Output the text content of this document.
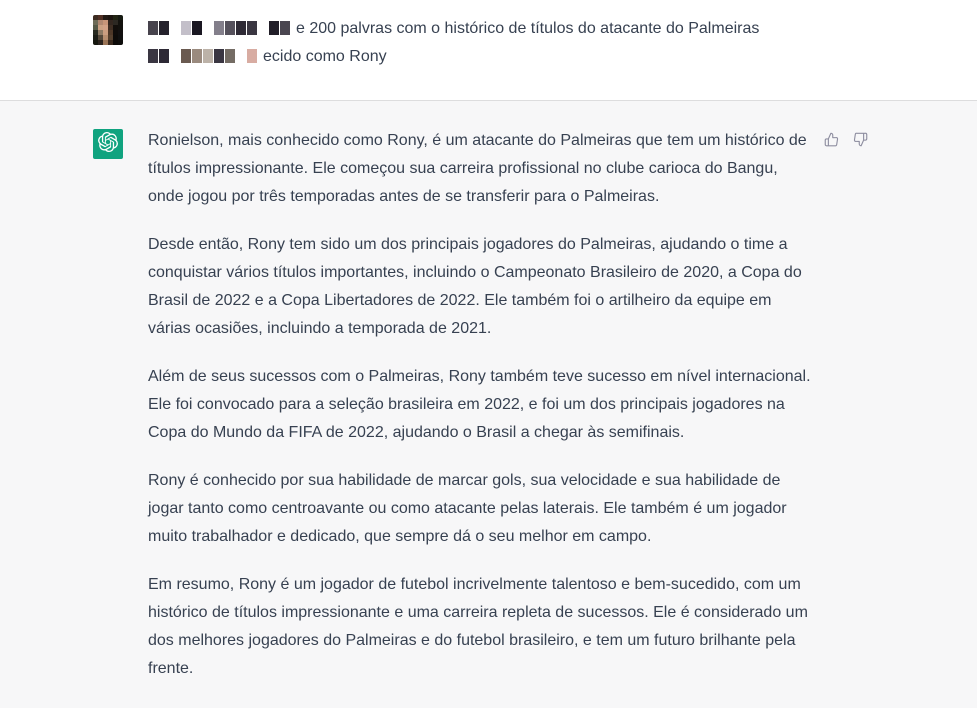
e 200 palvras com o histórico de títulos do atacante do Palmeiras
ecido como Rony

Ronielson, mais conhecido como Rony, é um atacante do Palmeiras que tem um histórico de títulos impressionante. Ele começou sua carreira profissional no clube carioca do Bangu, onde jogou por três temporadas antes de se transferir para o Palmeiras.

Desde então, Rony tem sido um dos principais jogadores do Palmeiras, ajudando o time a conquistar vários títulos importantes, incluindo o Campeonato Brasileiro de 2020, a Copa do Brasil de 2022 e a Copa Libertadores de 2022. Ele também foi o artilheiro da equipe em várias ocasiões, incluindo a temporada de 2021.

Além de seus sucessos com o Palmeiras, Rony também teve sucesso em nível internacional. Ele foi convocado para a seleção brasileira em 2022, e foi um dos principais jogadores na Copa do Mundo da FIFA de 2022, ajudando o Brasil a chegar às semifinais.

Rony é conhecido por sua habilidade de marcar gols, sua velocidade e sua habilidade de jogar tanto como centroavante ou como atacante pelas laterais. Ele também é um jogador muito trabalhador e dedicado, que sempre dá o seu melhor em campo.

Em resumo, Rony é um jogador de futebol incrivelmente talentoso e bem-sucedido, com um histórico de títulos impressionante e uma carreira repleta de sucessos. Ele é considerado um dos melhores jogadores do Palmeiras e do futebol brasileiro, e tem um futuro brilhante pela frente.
